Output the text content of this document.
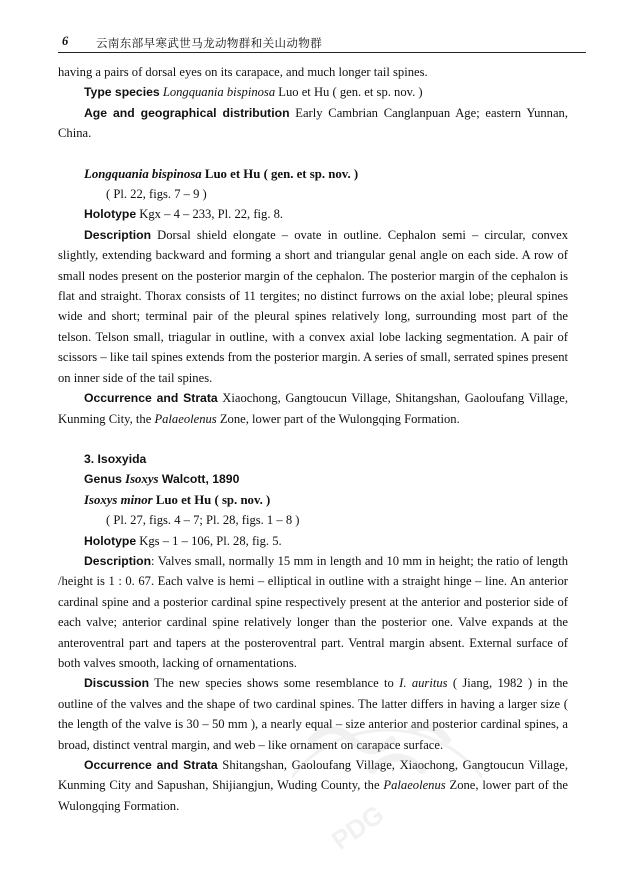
6 云南东部早寒武世马龙动物群和关山动物群

having a pairs of dorsal eyes on its carapace, and much longer tail spines.

Type species Longquania bispinosa Luo et Hu ( gen. et sp. nov. )

Age and geographical distribution Early Cambrian Canglanpuan Age; eastern Yunnan, China.

Longquania bispinosa Luo et Hu ( gen. et sp. nov. )

( Pl. 22, figs. 7 – 9 )

Holotype Kgx – 4 – 233, Pl. 22, fig. 8.

Description Dorsal shield elongate – ovate in outline. Cephalon semi – circular, convex slightly, extending backward and forming a short and triangular genal angle on each side. A row of small nodes present on the posterior margin of the cephalon. The posterior margin of the cephalon is flat and straight. Thorax consists of 11 tergites; no distinct furrows on the axial lobe; pleural spines wide and short; terminal pair of the pleural spines relatively long, surrounding most part of the telson. Telson small, triagular in outline, with a convex axial lobe lacking segmentation. A pair of scissors – like tail spines extends from the posterior margin. A series of small, serrated spines present on inner side of the tail spines.

Occurrence and Strata Xiaochong, Gangtoucun Village, Shitangshan, Gaoloufang Village, Kunming City, the Palaeolenus Zone, lower part of the Wulongqing Formation.

3. Isoxyida

Genus Isoxys Walcott, 1890

Isoxys minor Luo et Hu ( sp. nov. )

( Pl. 27, figs. 4 – 7; Pl. 28, figs. 1 – 8 )

Holotype Kgs – 1 – 106, Pl. 28, fig. 5.

Description: Valves small, normally 15 mm in length and 10 mm in height; the ratio of length /height is 1 : 0. 67. Each valve is hemi – elliptical in outline with a straight hinge – line. An anterior cardinal spine and a posterior cardinal spine respectively present at the anterior and posterior side of each valve; anterior cardinal spine relatively longer than the posterior one. Valve expands at the anteroventral part and tapers at the posteroventral part. Ventral margin absent. External surface of both valves smooth, lacking of ornamentations.

Discussion The new species shows some resemblance to I. auritus ( Jiang, 1982 ) in the outline of the valves and the shape of two cardinal spines. The latter differs in having a larger size ( the length of the valve is 30 – 50 mm ), a nearly equal – size anterior and posterior cardinal spines, a broad, distinct ventral margin, and web – like ornament on carapace surface.

Occurrence and Strata Shitangshan, Gaoloufang Village, Xiaochong, Gangtoucun Village, Kunming City and Sapushan, Shijiangjun, Wuding County, the Palaeolenus Zone, lower part of the Wulongqing Formation.	PDG
